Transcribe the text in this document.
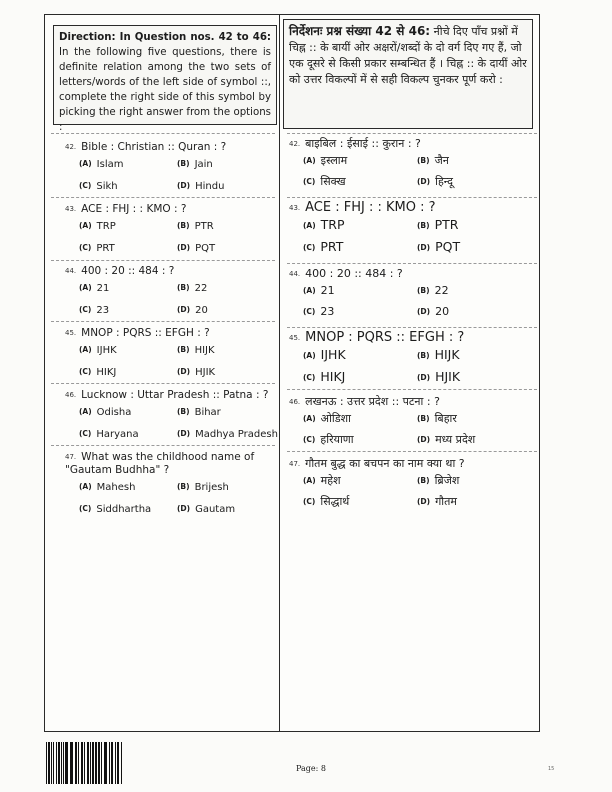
Direction: In Question nos. 42 to 46: In the following five questions, there is definite relation among the two sets of letters/words of the left side of symbol ::, complete the right side of this symbol by picking the right answer from the options :

42. Bible : Christian :: Quran : ?
(A) Islam	(B) Jain
(C) Sikh	(D) Hindu
43. ACE : FHJ : : KMO : ?
(A) TRP	(B) PTR
(C) PRT	(D) PQT
44. 400 : 20 :: 484 : ?
(A) 21	(B) 22
(C) 23	(D) 20
45. MNOP : PQRS :: EFGH : ?
(A) IJHK	(B) HIJK
(C) HIKJ	(D) HJIK
46. Lucknow : Uttar Pradesh :: Patna : ?
(A) Odisha	(B) Bihar
(C) Haryana	(D) Madhya Pradesh
47. What was the childhood name of "Gautam Budhha" ?
(A) Mahesh	(B) Brijesh
(C) Siddhartha	(D) Gautam

निर्देशनः प्रश्न संख्या 42 से 46: नीचे दिए पाँच प्रश्नों में चिह्न :: के बायीं ओर अक्षरों/शब्दों के दो वर्ग दिए गए हैं, जो एक दूसरे से किसी प्रकार सम्बन्धित हैं । चिह्न :: के दायीं ओर को उत्तर विकल्पों में से सही विकल्प चुनकर पूर्ण करो :

42. बाइबिल : ईसाई :: कुरान : ?
(A) इस्लाम	(B) जैन
(C) सिक्ख	(D) हिन्दू
43. ACE : FHJ : : KMO : ?
(A) TRP	(B) PTR
(C) PRT	(D) PQT
44. 400 : 20 :: 484 : ?
(A) 21	(B) 22
(C) 23	(D) 20
45. MNOP : PQRS :: EFGH : ?
(A) IJHK	(B) HIJK
(C) HIKJ	(D) HJIK
46. लखनऊ : उत्तर प्रदेश :: पटना : ?
(A) ओडिशा	(B) बिहार
(C) हरियाणा	(D) मध्य प्रदेश
47. गौतम बुद्ध का बचपन का नाम क्या था ?
(A) महेश	(B) ब्रिजेश
(C) सिद्धार्थ	(D) गौतम
Page: 8	15
